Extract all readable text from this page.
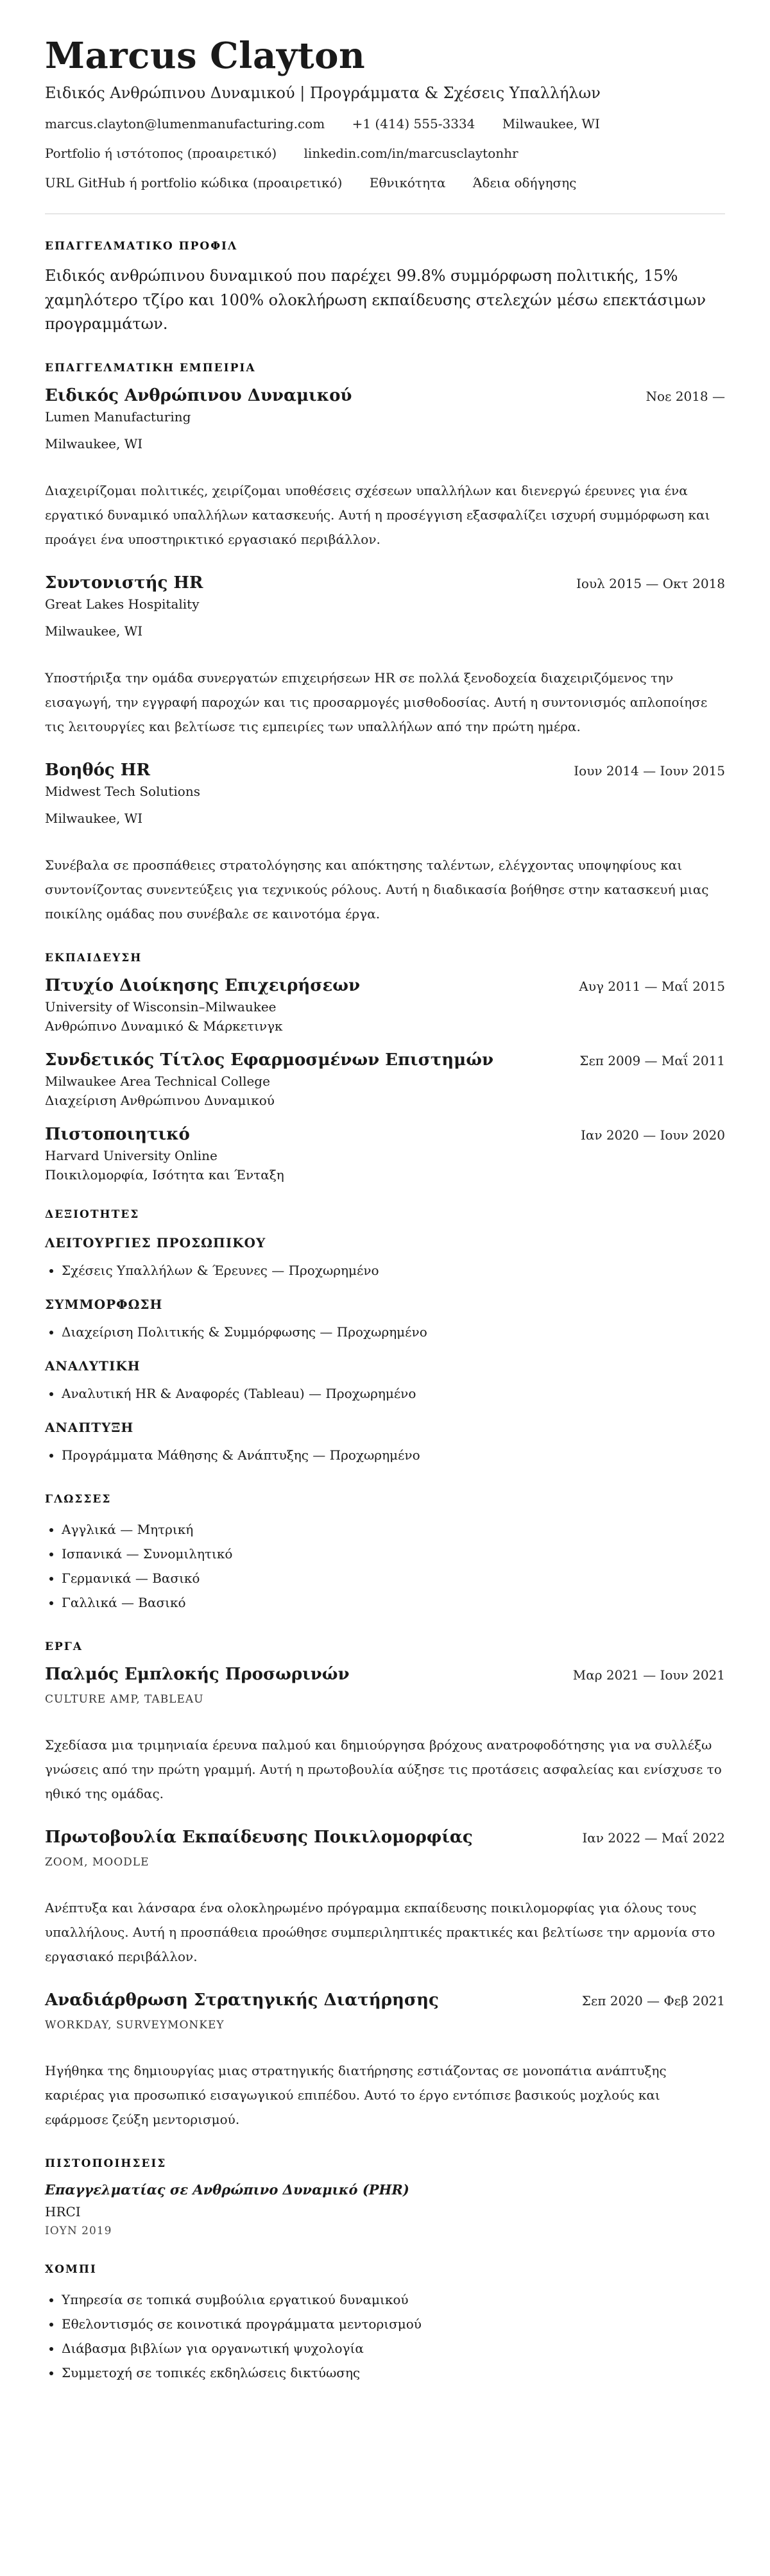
Marcus Clayton
Ειδικός Ανθρώπινου Δυναμικού | Προγράμματα & Σχέσεις Υπαλλήλων
marcus.clayton@lumenmanufacturing.com +1 (414) 555-3334 Milwaukee, WI
Portfolio ή ιστότοπος (προαιρετικό) linkedin.com/in/marcusclaytonhr
URL GitHub ή portfolio κώδικα (προαιρετικό) Εθνικότητα Άδεια οδήγησης
ΕΠΑΓΓΕΛΜΑΤΙΚΟ ΠΡΟΦΙΛ
Ειδικός ανθρώπινου δυναμικού που παρέχει 99.8% συμμόρφωση πολιτικής, 15% χαμηλότερο τζίρο και 100% ολοκλήρωση εκπαίδευσης στελεχών μέσω επεκτάσιμων προγραμμάτων.
ΕΠΑΓΓΕΛΜΑΤΙΚΗ ΕΜΠΕΙΡΙΑ
Ειδικός Ανθρώπινου Δυναμικού	Νοε 2018 —
Lumen Manufacturing
Milwaukee, WI
Διαχειρίζομαι πολιτικές, χειρίζομαι υποθέσεις σχέσεων υπαλλήλων και διενεργώ έρευνες για ένα εργατικό δυναμικό υπαλλήλων κατασκευής. Αυτή η προσέγγιση εξασφαλίζει ισχυρή συμμόρφωση και προάγει ένα υποστηρικτικό εργασιακό περιβάλλον.
Συντονιστής HR	Ιουλ 2015 — Οκτ 2018
Great Lakes Hospitality
Milwaukee, WI
Υποστήριξα την ομάδα συνεργατών επιχειρήσεων HR σε πολλά ξενοδοχεία διαχειριζόμενος την εισαγωγή, την εγγραφή παροχών και τις προσαρμογές μισθοδοσίας. Αυτή η συντονισμός απλοποίησε τις λειτουργίες και βελτίωσε τις εμπειρίες των υπαλλήλων από την πρώτη ημέρα.
Βοηθός HR	Ιουν 2014 — Ιουν 2015
Midwest Tech Solutions
Milwaukee, WI
Συνέβαλα σε προσπάθειες στρατολόγησης και απόκτησης ταλέντων, ελέγχοντας υποψηφίους και συντονίζοντας συνεντεύξεις για τεχνικούς ρόλους. Αυτή η διαδικασία βοήθησε στην κατασκευή μιας ποικίλης ομάδας που συνέβαλε σε καινοτόμα έργα.
ΕΚΠΑΙΔΕΥΣΗ
Πτυχίο Διοίκησης Επιχειρήσεων	Αυγ 2011 — Μαΐ 2015
University of Wisconsin–Milwaukee
Ανθρώπινο Δυναμικό & Μάρκετινγκ
Συνδετικός Τίτλος Εφαρμοσμένων Επιστημών	Σεπ 2009 — Μαΐ 2011
Milwaukee Area Technical College
Διαχείριση Ανθρώπινου Δυναμικού
Πιστοποιητικό	Ιαν 2020 — Ιουν 2020
Harvard University Online
Ποικιλομορφία, Ισότητα και Ένταξη
ΔΕΞΙΟΤΗΤΕΣ
ΛΕΙΤΟΥΡΓΙΕΣ ΠΡΟΣΩΠΙΚΟΥ
• Σχέσεις Υπαλλήλων & Έρευνες — Προχωρημένο
ΣΥΜΜΟΡΦΩΣΗ
• Διαχείριση Πολιτικής & Συμμόρφωσης — Προχωρημένο
ΑΝΑΛΥΤΙΚΗ
• Αναλυτική HR & Αναφορές (Tableau) — Προχωρημένο
ΑΝΑΠΤΥΞΗ
• Προγράμματα Μάθησης & Ανάπτυξης — Προχωρημένο
ΓΛΩΣΣΕΣ
• Αγγλικά — Μητρική
• Ισπανικά — Συνομιλητικό
• Γερμανικά — Βασικό
• Γαλλικά — Βασικό
ΕΡΓΑ
Παλμός Εμπλοκής Προσωρινών	Μαρ 2021 — Ιουν 2021
CULTURE AMP, TABLEAU
Σχεδίασα μια τριμηνιαία έρευνα παλμού και δημιούργησα βρόχους ανατροφοδότησης για να συλλέξω γνώσεις από την πρώτη γραμμή. Αυτή η πρωτοβουλία αύξησε τις προτάσεις ασφαλείας και ενίσχυσε το ηθικό της ομάδας.
Πρωτοβουλία Εκπαίδευσης Ποικιλομορφίας	Ιαν 2022 — Μαΐ 2022
ZOOM, MOODLE
Ανέπτυξα και λάνσαρα ένα ολοκληρωμένο πρόγραμμα εκπαίδευσης ποικιλομορφίας για όλους τους υπαλλήλους. Αυτή η προσπάθεια προώθησε συμπεριληπτικές πρακτικές και βελτίωσε την αρμονία στο εργασιακό περιβάλλον.
Αναδιάρθρωση Στρατηγικής Διατήρησης	Σεπ 2020 — Φεβ 2021
WORKDAY, SURVEYMONKEY
Ηγήθηκα της δημιουργίας μιας στρατηγικής διατήρησης εστιάζοντας σε μονοπάτια ανάπτυξης καριέρας για προσωπικό εισαγωγικού επιπέδου. Αυτό το έργο εντόπισε βασικούς μοχλούς και εφάρμοσε ζεύξη μεντορισμού.
ΠΙΣΤΟΠΟΙΗΣΕΙΣ
Επαγγελματίας σε Ανθρώπινο Δυναμικό (PHR)
HRCI
ΙΟΥΝ 2019
ΧΟΜΠΙ
• Υπηρεσία σε τοπικά συμβούλια εργατικού δυναμικού
• Εθελοντισμός σε κοινοτικά προγράμματα μεντορισμού
• Διάβασμα βιβλίων για οργανωτική ψυχολογία
• Συμμετοχή σε τοπικές εκδηλώσεις δικτύωσης
